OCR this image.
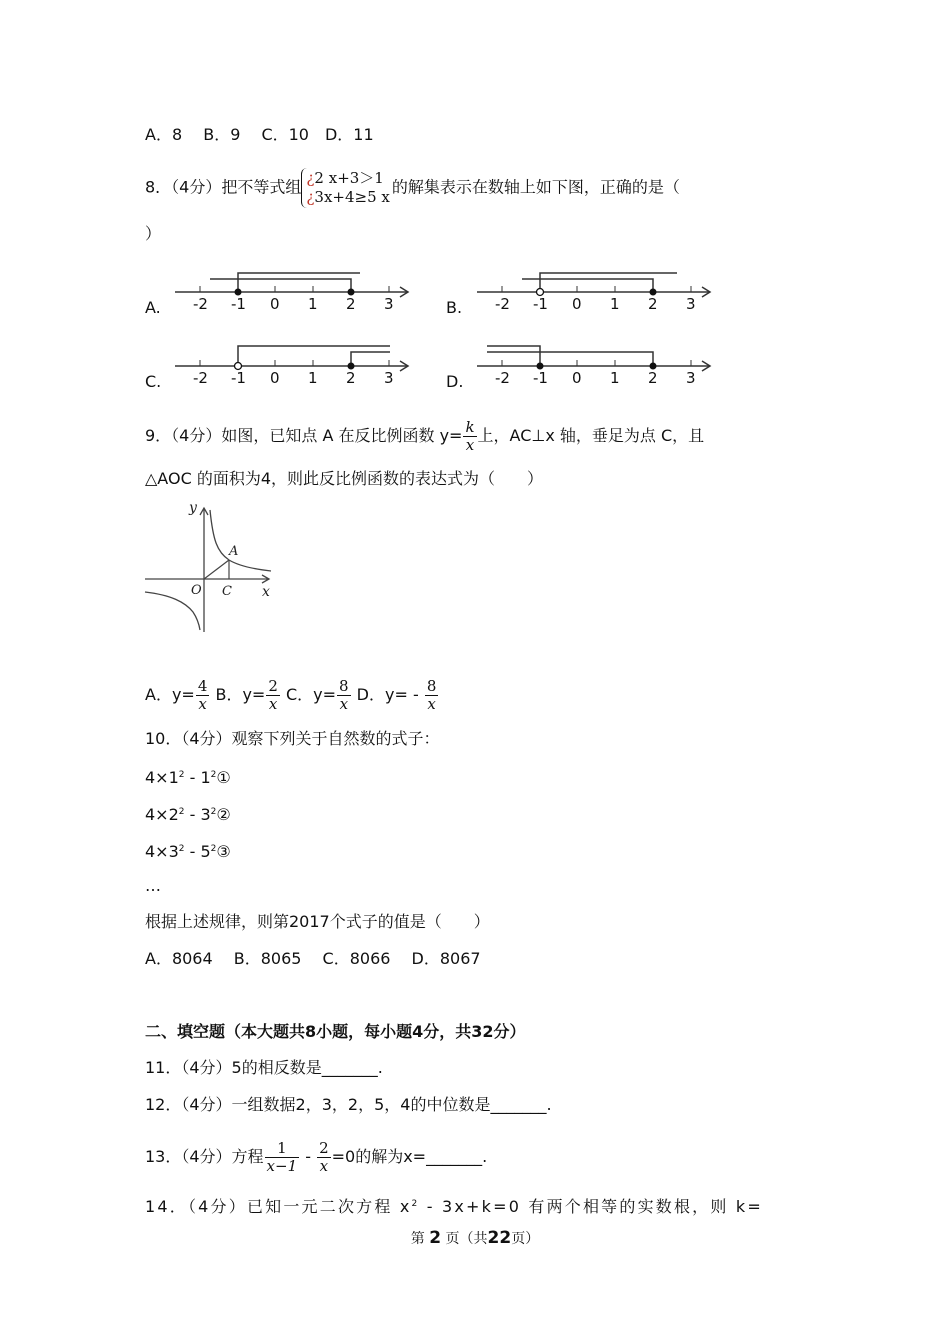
A．8　 B．9　 C．10　D．11
8．（4分）把不等式组 ¿2 x+3＞1
¿3x+4≥5 x的解集表示在数轴上如下图，正确的是（
）
A.	B.
C.	D.
-2 -1 0 1 2 3	-2 -1 0 1 2 3
-2 -1 0 1 2 3	-2 -1 0 1 2 3
9．（4分）如图，已知点 A 在反比例函数 $y= \frac{k}{x}$ 上，AC⊥x 轴，垂足为点 C，且
△AOC 的面积为4，则此反比例函数的表达式为（　　）
y
x
O C
A
A．$y= \frac{4}{x}$ B．$y= \frac{2}{x}$ C．$y= \frac{8}{x}$ D．$y= - \frac{8}{x}$
10．（4分）观察下列关于自然数的式子：
$4\times 1^2$ - $1^2①$
$4\times 2^2$ - $3^2②$
$4\times 3^2$ - $5^2③$
…
根据上述规律，则第2017个式子的值是（　　）
A．8064　 B．8065　 C．8066　 D．8067
二、填空题（本大题共8小题，每小题4分，共32分）
11．（4分）5的相反数是_______.
12．（4分）一组数据2，3，2，5，4的中位数是_______.
13．（4分）方程 $\frac{1}{x-1} - \frac{2}{x} =0$的解为x=_______.
14．（4分）已知一元二次方程 $x^2 - 3x+k=0$ 有两个相等的实数根，则 k=
第 2 页（共22页）
